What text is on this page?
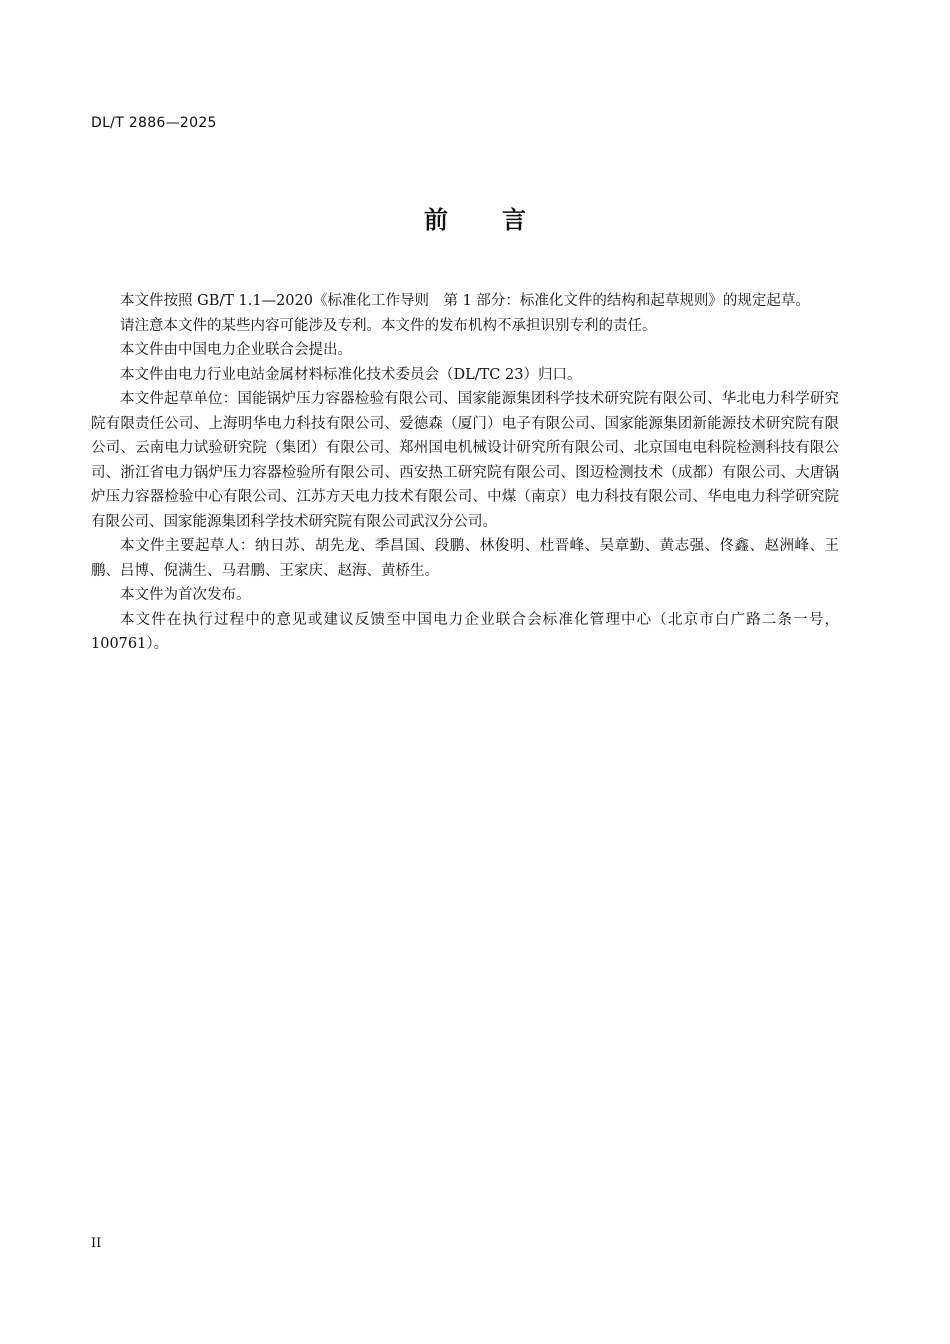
DL/T 2886—2025
前言

本文件按照 GB/T 1.1—2020《标准化工作导则　第 1 部分：标准化文件的结构和起草规则》的规定起草。

请注意本文件的某些内容可能涉及专利。本文件的发布机构不承担识别专利的责任。

本文件由中国电力企业联合会提出。

本文件由电力行业电站金属材料标准化技术委员会（DL/TC 23）归口。

本文件起草单位：国能锅炉压力容器检验有限公司、国家能源集团科学技术研究院有限公司、华北电力科学研究院有限责任公司、上海明华电力科技有限公司、爱德森（厦门）电子有限公司、国家能源集团新能源技术研究院有限公司、云南电力试验研究院（集团）有限公司、郑州国电机械设计研究所有限公司、北京国电电科院检测科技有限公司、浙江省电力锅炉压力容器检验所有限公司、西安热工研究院有限公司、图迈检测技术（成都）有限公司、大唐锅炉压力容器检验中心有限公司、江苏方天电力技术有限公司、中煤（南京）电力科技有限公司、华电电力科学研究院有限公司、国家能源集团科学技术研究院有限公司武汉分公司。

本文件主要起草人：纳日苏、胡先龙、季昌国、段鹏、林俊明、杜晋峰、吴章勤、黄志强、佟鑫、赵洲峰、王鹏、吕博、倪满生、马君鹏、王家庆、赵海、黄桥生。

本文件为首次发布。

本文件在执行过程中的意见或建议反馈至中国电力企业联合会标准化管理中心（北京市白广路二条一号，100761）。

II
